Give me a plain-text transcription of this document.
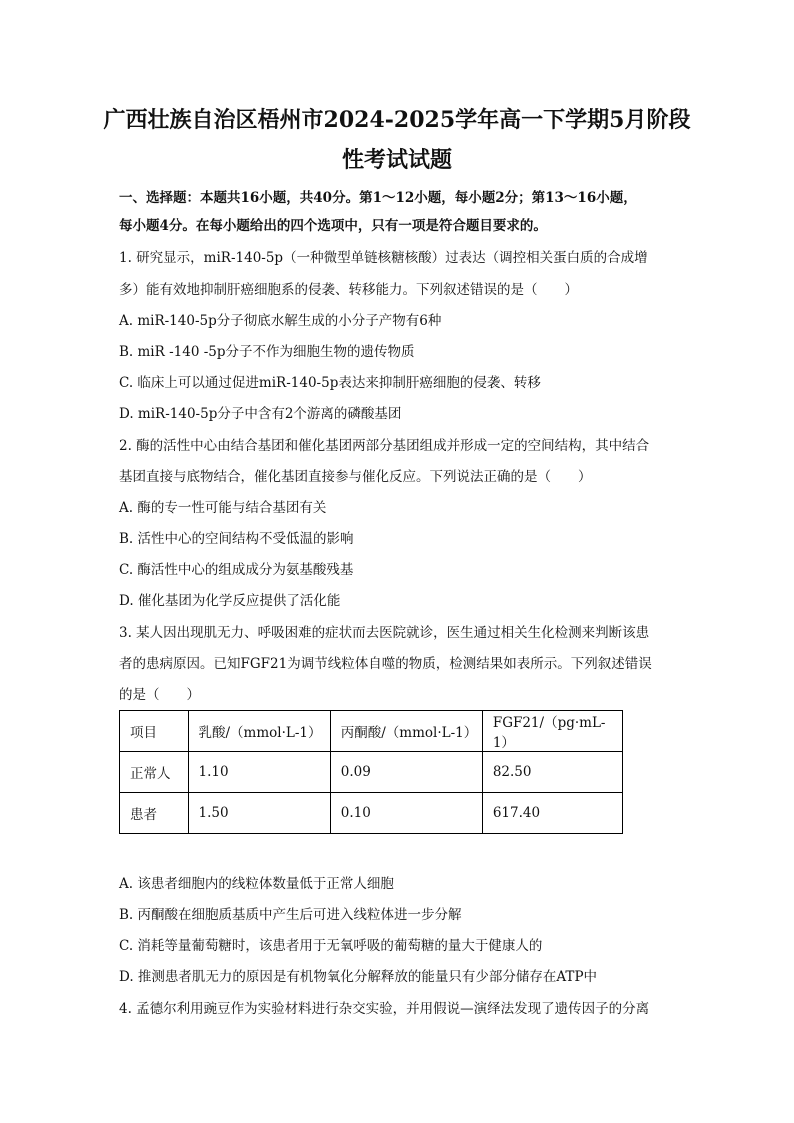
广西壮族自治区梧州市2024-2025学年高一下学期5月阶段
性考试试题
一、选择题：本题共16小题，共40分。第1～12小题，每小题2分；第13～16小题，
每小题4分。在每小题给出的四个选项中，只有一项是符合题目要求的。
1. 研究显示，miR-140-5p（一种微型单链核糖核酸）过表达（调控相关蛋白质的合成增
多）能有效地抑制肝癌细胞系的侵袭、转移能力。下列叙述错误的是（　　）
A. miR-140-5p分子彻底水解生成的小分子产物有6种
B. miR -140 -5p分子不作为细胞生物的遗传物质
C. 临床上可以通过促进miR-140-5p表达来抑制肝癌细胞的侵袭、转移
D. miR-140-5p分子中含有2个游离的磷酸基团
2. 酶的活性中心由结合基团和催化基团两部分基团组成并形成一定的空间结构，其中结合
基团直接与底物结合，催化基团直接参与催化反应。下列说法正确的是（　　）
A. 酶的专一性可能与结合基团有关
B. 活性中心的空间结构不受低温的影响
C. 酶活性中心的组成成分为氨基酸残基
D. 催化基团为化学反应提供了活化能
3. 某人因出现肌无力、呼吸困难的症状而去医院就诊，医生通过相关生化检测来判断该患
者的患病原因。已知FGF21为调节线粒体自噬的物质，检测结果如表所示。下列叙述错误
的是（　　）
项目	乳酸/（mmol·L-1）	丙酮酸/（mmol·L-1）	FGF21/（pg·mL-1）
正常人	1.10	0.09	82.50
患者	1.50	0.10	617.40
A. 该患者细胞内的线粒体数量低于正常人细胞
B. 丙酮酸在细胞质基质中产生后可进入线粒体进一步分解
C. 消耗等量葡萄糖时，该患者用于无氧呼吸的葡萄糖的量大于健康人的
D. 推测患者肌无力的原因是有机物氧化分解释放的能量只有少部分储存在ATP中
4. 孟德尔利用豌豆作为实验材料进行杂交实验，并用假说—演绎法发现了遗传因子的分离
